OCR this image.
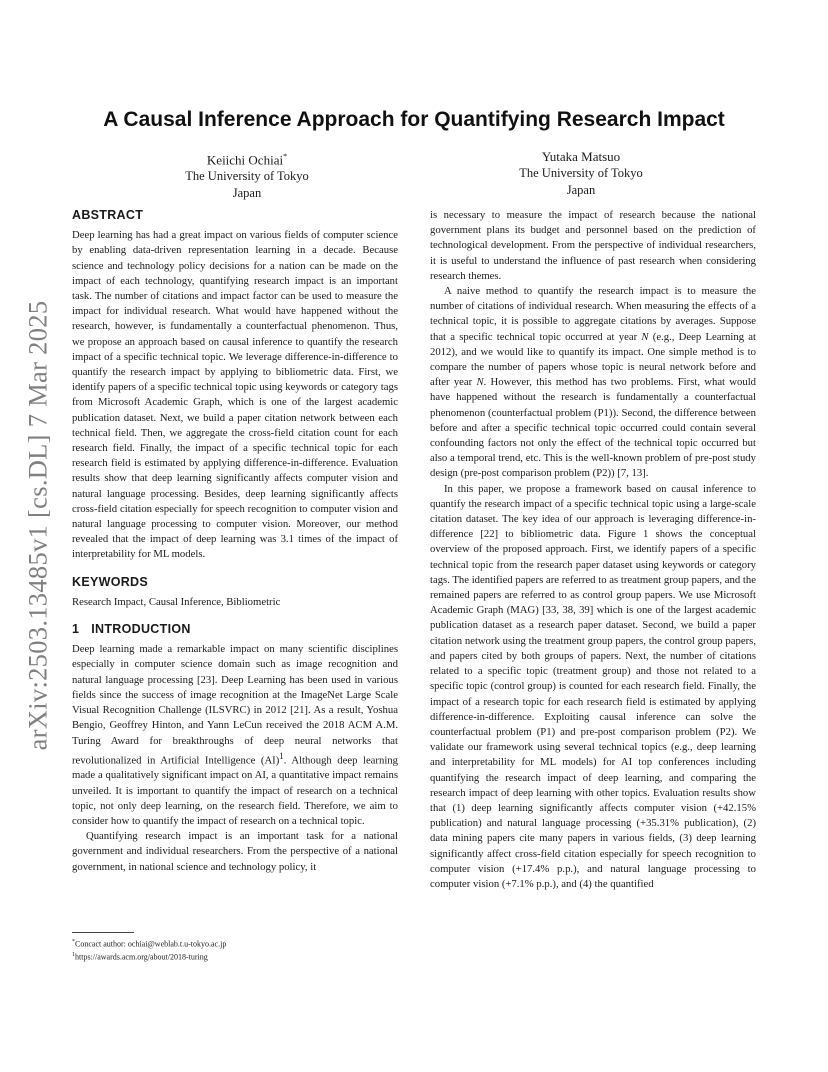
arXiv:2503.13485v1 [cs.DL] 7 Mar 2025
A Causal Inference Approach for Quantifying Research Impact
Keiichi Ochiai*
The University of Tokyo
Japan
Yutaka Matsuo
The University of Tokyo
Japan
ABSTRACT

Deep learning has had a great impact on various fields of computer science by enabling data-driven representation learning in a decade. Because science and technology policy decisions for a nation can be made on the impact of each technology, quantifying research impact is an important task. The number of citations and impact factor can be used to measure the impact for individual research. What would have happened without the research, however, is fundamentally a counterfactual phenomenon. Thus, we propose an approach based on causal inference to quantify the research impact of a specific technical topic. We leverage difference-in-difference to quantify the research impact by applying to bibliometric data. First, we identify papers of a specific technical topic using keywords or category tags from Microsoft Academic Graph, which is one of the largest academic publication dataset. Next, we build a paper citation network between each technical field. Then, we aggregate the cross-field citation count for each research field. Finally, the impact of a specific technical topic for each research field is estimated by applying difference-in-difference. Evaluation results show that deep learning significantly affects computer vision and natural language processing. Besides, deep learning significantly affects cross-field citation especially for speech recognition to computer vision and natural language processing to computer vision. Moreover, our method revealed that the impact of deep learning was 3.1 times of the impact of interpretability for ML models.

KEYWORDS

Research Impact, Causal Inference, Bibliometric

1 INTRODUCTION

Deep learning made a remarkable impact on many scientific disciplines especially in computer science domain such as image recognition and natural language processing [23]. Deep Learning has been used in various fields since the success of image recognition at the ImageNet Large Scale Visual Recognition Challenge (ILSVRC) in 2012 [21]. As a result, Yoshua Bengio, Geoffrey Hinton, and Yann LeCun received the 2018 ACM A.M. Turing Award for breakthroughs of deep neural networks that revolutionalized in Artificial Intelligence (AI)$^1$. Although deep learning made a qualitatively significant impact on AI, a quantitative impact remains unveiled. It is important to quantify the impact of research on a technical topic, not only deep learning, on the research field. Therefore, we aim to consider how to quantify the impact of research on a technical topic.

Quantifying research impact is an important task for a national government and individual researchers. From the perspective of a national government, in national science and technology policy, it

is necessary to measure the impact of research because the national government plans its budget and personnel based on the prediction of technological development. From the perspective of individual researchers, it is useful to understand the influence of past research when considering research themes.

A naive method to quantify the research impact is to measure the number of citations of individual research. When measuring the effects of a technical topic, it is possible to aggregate citations by averages. Suppose that a specific technical topic occurred at year N (e.g., Deep Learning at 2012), and we would like to quantify its impact. One simple method is to compare the number of papers whose topic is neural network before and after year N. However, this method has two problems. First, what would have happened without the research is fundamentally a counterfactual phenomenon (counterfactual problem (P1)). Second, the difference between before and after a specific technical topic occurred could contain several confounding factors not only the effect of the technical topic occurred but also a temporal trend, etc. This is the well-known problem of pre-post study design (pre-post comparison problem (P2)) [7, 13].

In this paper, we propose a framework based on causal inference to quantify the research impact of a specific technical topic using a large-scale citation dataset. The key idea of our approach is leveraging difference-in-difference [22] to bibliometric data. Figure 1 shows the conceptual overview of the proposed approach. First, we identify papers of a specific technical topic from the research paper dataset using keywords or category tags. The identified papers are referred to as treatment group papers, and the remained papers are referred to as control group papers. We use Microsoft Academic Graph (MAG) [33, 38, 39] which is one of the largest academic publication dataset as a research paper dataset. Second, we build a paper citation network using the treatment group papers, the control group papers, and papers cited by both groups of papers. Next, the number of citations related to a specific topic (treatment group) and those not related to a specific topic (control group) is counted for each research field. Finally, the impact of a research topic for each research field is estimated by applying difference-in-difference. Exploiting causal inference can solve the counterfactual problem (P1) and pre-post comparison problem (P2). We validate our framework using several technical topics (e.g., deep learning and interpretability for ML models) for AI top conferences including quantifying the research impact of deep learning, and comparing the research impact of deep learning with other topics. Evaluation results show that (1) deep learning significantly affects computer vision (+42.15% publication) and natural language processing (+35.31% publication), (2) data mining papers cite many papers in various fields, (3) deep learning significantly affect cross-field citation especially for speech recognition to computer vision (+17.4% p.p.), and natural language processing to computer vision (+7.1% p.p.), and (4) the quantified

*Concact author: ochiai@weblab.t.u-tokyo.ac.jp
$^1$https://awards.acm.org/about/2018-turing
